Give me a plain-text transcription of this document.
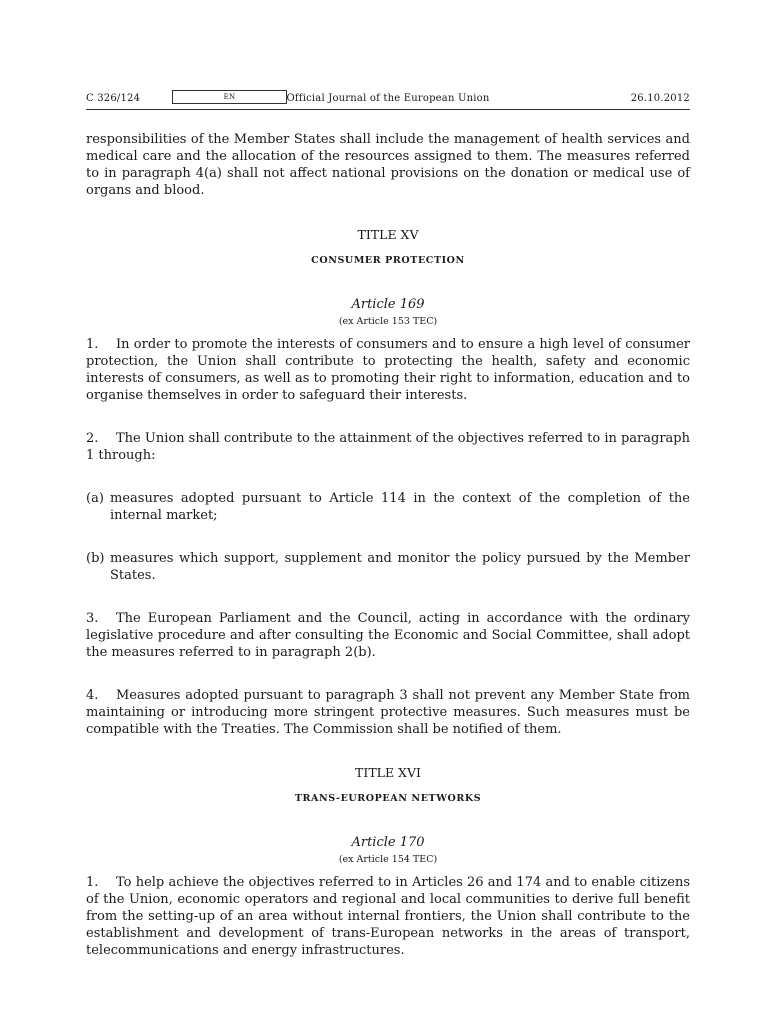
C 326/124	EN	Official Journal of the European Union	26.10.2012

responsibilities of the Member States shall include the management of health services and medical care and the allocation of the resources assigned to them. The measures referred to in paragraph 4(a) shall not affect national provisions on the donation or medical use of organs and blood.

TITLE XV

CONSUMER PROTECTION

Article 169

(ex Article 153 TEC)

1. In order to promote the interests of consumers and to ensure a high level of consumer protection, the Union shall contribute to protecting the health, safety and economic interests of consumers, as well as to promoting their right to information, education and to organise themselves in order to safeguard their interests.

2. The Union shall contribute to the attainment of the objectives referred to in paragraph 1 through:

(a) measures adopted pursuant to Article 114 in the context of the completion of the internal market;
(b) measures which support, supplement and monitor the policy pursued by the Member States.

3. The European Parliament and the Council, acting in accordance with the ordinary legislative procedure and after consulting the Economic and Social Committee, shall adopt the measures referred to in paragraph 2(b).

4. Measures adopted pursuant to paragraph 3 shall not prevent any Member State from maintaining or introducing more stringent protective measures. Such measures must be compatible with the Treaties. The Commission shall be notified of them.

TITLE XVI

TRANS-EUROPEAN NETWORKS

Article 170

(ex Article 154 TEC)

1. To help achieve the objectives referred to in Articles 26 and 174 and to enable citizens of the Union, economic operators and regional and local communities to derive full benefit from the setting-up of an area without internal frontiers, the Union shall contribute to the establishment and development of trans-European networks in the areas of transport, telecommunications and energy infrastructures.
